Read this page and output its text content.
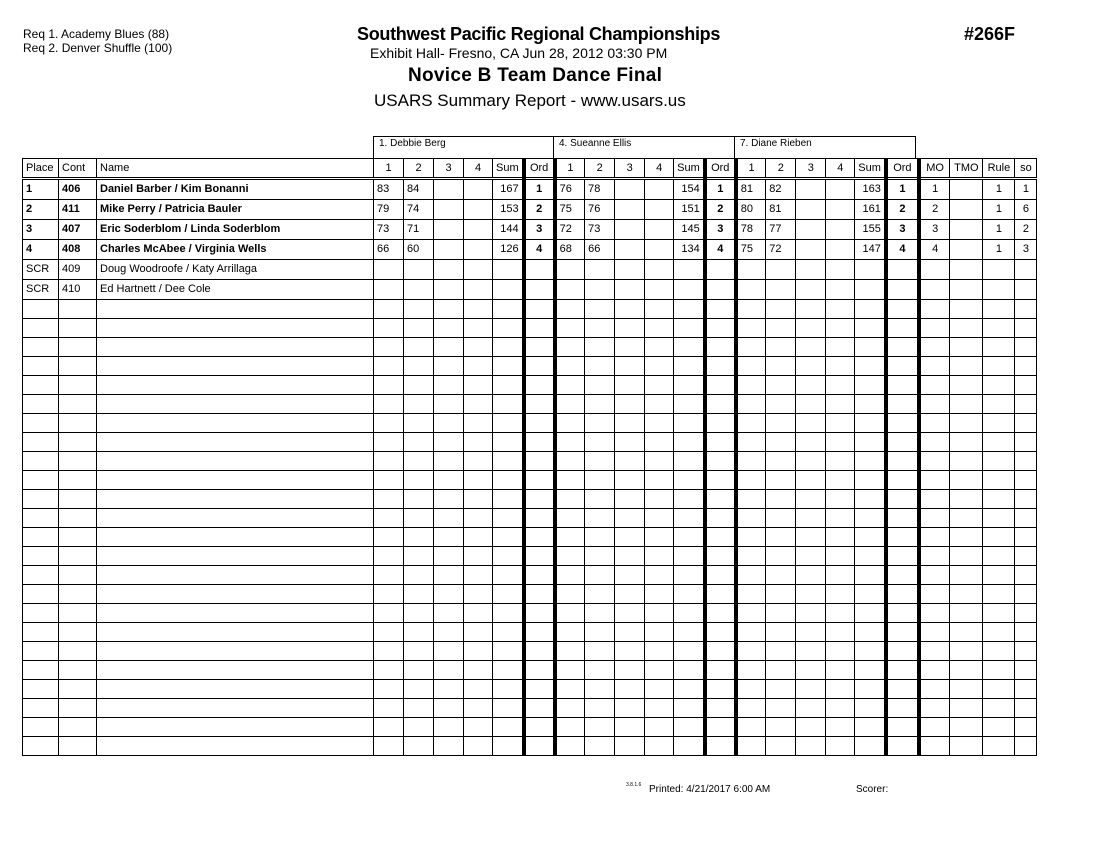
Req 1. Academy Blues (88)
Req 2. Denver Shuffle (100)
Southwest Pacific Regional Championships
Exhibit Hall- Fresno, CA Jun 28, 2012 03:30 PM
Novice B Team Dance Final
USARS Summary Report - www.usars.us
#266F
1. Debbie Berg	4. Sueanne Ellis	7. Diane Rieben
Place	Cont	Name	1	2	3	4	Sum	Ord	1	2	3	4	Sum	Ord	1	2	3	4	Sum	Ord	MO	TMO	Rule	so
1	406	Daniel Barber / Kim Bonanni	83	84			167	1	76	78			154	1	81	82			163	1	1		1	1
2	411	Mike Perry / Patricia Bauler	79	74			153	2	75	76			151	2	80	81			161	2	2		1	6
3	407	Eric Soderblom / Linda Soderblom	73	71			144	3	72	73			145	3	78	77			155	3	3		1	2
4	408	Charles McAbee / Virginia Wells	66	60			126	4	68	66			134	4	75	72			147	4	4		1	3
SCR	409	Doug Woodroofe / Katy Arrillaga																						
SCR	410	Ed Hartnett / Dee Cole																						

3.8.1.6 Printed: 4/21/2017 6:00 AM	Scorer:
